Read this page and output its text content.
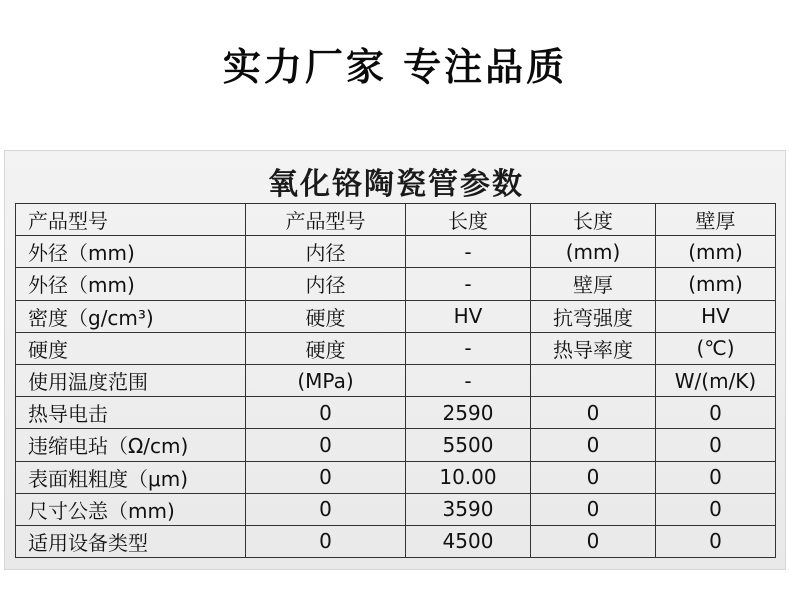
实力厂家 专注品质
氧化铬陶瓷管参数
产品型号	产品型号	长度	长度	壁厚
外径（mm)	内径	-	(mm)	(mm)
外径（mm)	内径	-	壁厚	(mm)
密度（g/cm³)	硬度	HV	抗弯强度	HV
硬度	硬度	-	热导率度	(℃)
使用温度范围	(MPa)	-		W/(m/K)
热导电击	0	2590	0	0
违缩电玷（Ω/cm)	0	5500	0	0
表面粗粗度（μm)	0	10.00	0	0
尺寸公恙（mm)	0	3590	0	0
适用设备类型	0	4500	0	0
